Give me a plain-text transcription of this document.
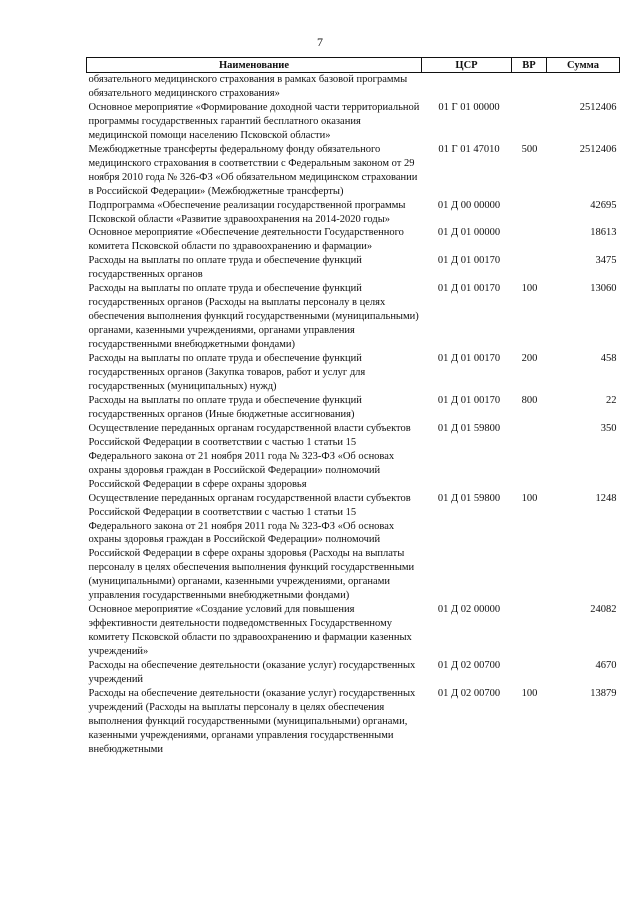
7
Наименование	ЦСР	ВР	Сумма
обязательного медицинского страхования в рамках базовой программы обязательного медицинского страхования»			
Основное мероприятие «Формирование доходной части территориальной программы государственных гарантий бесплатного оказания медицинской помощи населению Псковской области»	01 Г 01 00000		2512406
Межбюджетные трансферты федеральному фонду обязательного медицинского страхования в соответствии с Федеральным законом от 29 ноября 2010 года № 326-ФЗ «Об обязательном медицинском страховании в Российской Федерации» (Межбюджетные трансферты)	01 Г 01 47010	500	2512406
Подпрограмма «Обеспечение реализации государственной программы Псковской области «Развитие здравоохранения на 2014-2020 годы»	01 Д 00 00000		42695
Основное мероприятие «Обеспечение деятельности Государственного комитета Псковской области по здравоохранению и фармации»	01 Д 01 00000		18613
Расходы на выплаты по оплате труда и обеспечение функций государственных органов	01 Д 01 00170		3475
Расходы на выплаты по оплате труда и обеспечение функций государственных органов (Расходы на выплаты персоналу в целях обеспечения выполнения функций государственными (муниципальными) органами, казенными учреждениями, органами управления государственными внебюджетными фондами)	01 Д 01 00170	100	13060
Расходы на выплаты по оплате труда и обеспечение функций государственных органов (Закупка товаров, работ и услуг для государственных (муниципальных) нужд)	01 Д 01 00170	200	458
Расходы на выплаты по оплате труда и обеспечение функций государственных органов (Иные бюджетные ассигнования)	01 Д 01 00170	800	22
Осуществление переданных органам государственной власти субъектов Российской Федерации в соответствии с частью 1 статьи 15 Федерального закона от 21 ноября 2011 года № 323-ФЗ «Об основах охраны здоровья граждан в Российской Федерации» полномочий Российской Федерации в сфере охраны здоровья	01 Д 01 59800		350
Осуществление переданных органам государственной власти субъектов Российской Федерации в соответствии с частью 1 статьи 15 Федерального закона от 21 ноября 2011 года № 323-ФЗ «Об основах охраны здоровья граждан в Российской Федерации» полномочий Российской Федерации в сфере охраны здоровья (Расходы на выплаты персоналу в целях обеспечения выполнения функций государственными (муниципальными) органами, казенными учреждениями, органами управления государственными внебюджетными фондами)	01 Д 01 59800	100	1248
Основное мероприятие «Создание условий для повышения эффективности деятельности подведомственных Государственному комитету Псковской области по здравоохранению и фармации казенных учреждений»	01 Д 02 00000		24082
Расходы на обеспечение деятельности (оказание услуг) государственных учреждений	01 Д 02 00700		4670
Расходы на обеспечение деятельности (оказание услуг) государственных учреждений (Расходы на выплаты персоналу в целях обеспечения выполнения функций государственными (муниципальными) органами, казенными учреждениями, органами управления государственными внебюджетными	01 Д 02 00700	100	13879
